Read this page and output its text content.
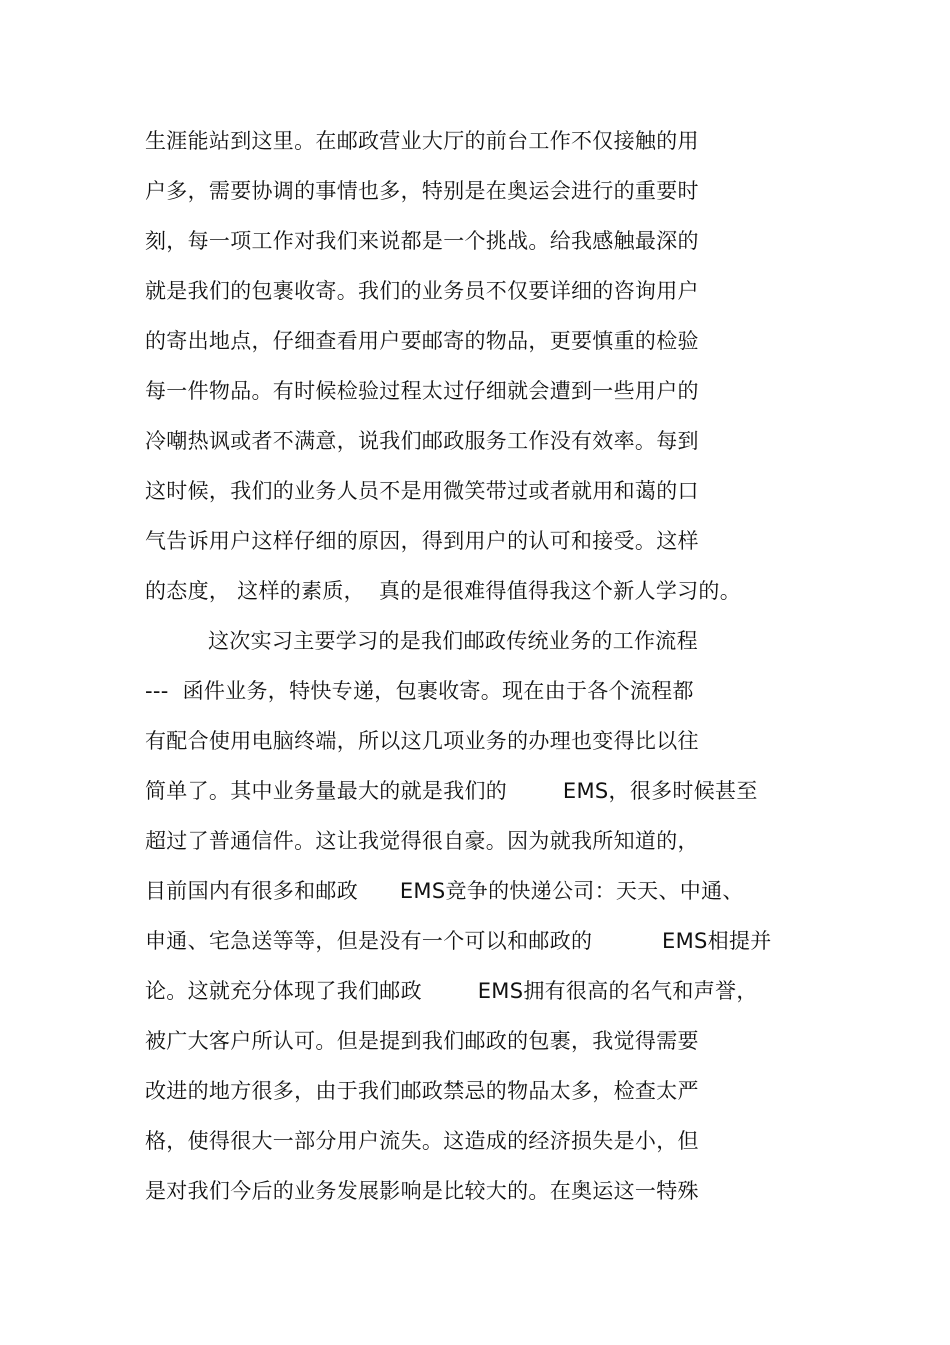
生涯能站到这里。在邮政营业大厅的前台工作不仅接触的用
户多，需要协调的事情也多，特别是在奥运会进行的重要时
刻，每一项工作对我们来说都是一个挑战。给我感触最深的
就是我们的包裹收寄。我们的业务员不仅要详细的咨询用户
的寄出地点，仔细查看用户要邮寄的物品，更要慎重的检验
每一件物品。有时候检验过程太过仔细就会遭到一些用户的
冷嘲热讽或者不满意，说我们邮政服务工作没有效率。每到
这时候，我们的业务人员不是用微笑带过或者就用和蔼的口
气告诉用户这样仔细的原因，得到用户的认可和接受。这样
的态度， 这样的素质，  真的是很难得值得我这个新人学习的。
这次实习主要学习的是我们邮政传统业务的工作流程
---  函件业务，特快专递，包裹收寄。现在由于各个流程都
有配合使用电脑终端，所以这几项业务的办理也变得比以往
简单了。其中业务量最大的就是我们的        EMS，很多时候甚至
超过了普通信件。这让我觉得很自豪。因为就我所知道的，
目前国内有很多和邮政      EMS竞争的快递公司：天天、中通、
申通、宅急送等等，但是没有一个可以和邮政的          EMS相提并
论。这就充分体现了我们邮政        EMS拥有很高的名气和声誉，
被广大客户所认可。但是提到我们邮政的包裹，我觉得需要
改进的地方很多，由于我们邮政禁忌的物品太多，检查太严
格，使得很大一部分用户流失。这造成的经济损失是小，但
是对我们今后的业务发展影响是比较大的。在奥运这一特殊
